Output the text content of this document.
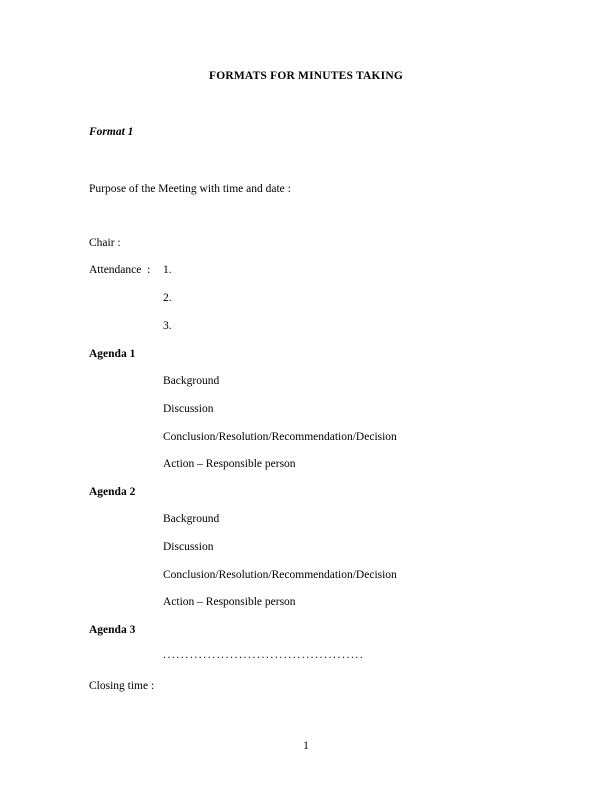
FORMATS FOR MINUTES TAKING
Format 1
Purpose of the Meeting with time and date :
Chair :
Attendance  : 1.
2.
3.
Agenda 1
Background
Discussion
Conclusion/Resolution/Recommendation/Decision
Action – Responsible person
Agenda 2
Background
Discussion
Conclusion/Resolution/Recommendation/Decision
Action – Responsible person
Agenda 3
.............................................
Closing time :
1
